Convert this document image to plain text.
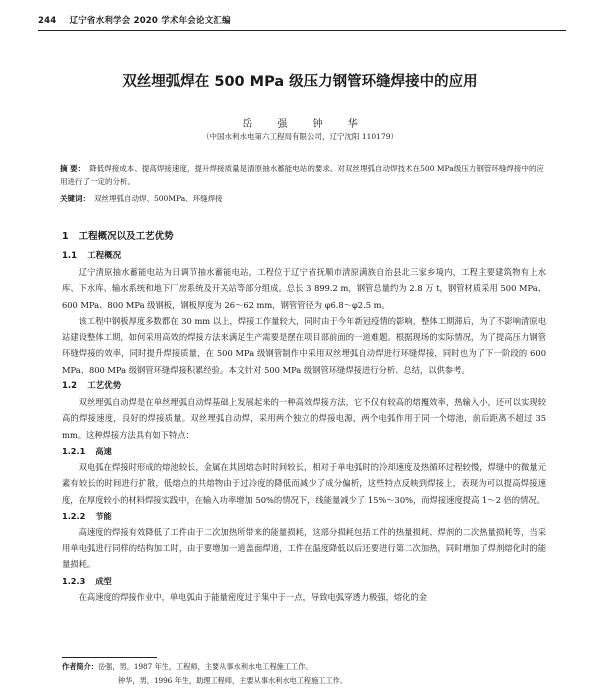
244 辽宁省水利学会 2020 学术年会论文汇编
双丝埋弧焊在 500 MPa 级压力钢管环缝焊接中的应用
岳 强 钟 华
（中国水利水电第六工程局有限公司，辽宁沈阳 110179）
摘 要： 降低焊接成本、提高焊接速度，提升焊接质量是清原抽水蓄能电站的要求。对双丝埋弧自动焊技术在500 MPa级压力钢管环缝焊接中的应用进行了一定的分析。
关键词： 双丝埋弧自动焊、500MPa、环缝焊接
1 工程概况以及工艺优势
1.1 工程概况

辽宁清原抽水蓄能电站为日调节抽水蓄能电站，工程位于辽宁省抚顺市清原满族自治县北三家乡境内，工程主要建筑物有上水库、下水库、输水系统和地下厂房系统及开关站等部分组成。总长 3 899.2 m，钢管总量约为 2.8 万 t，钢管材质采用 500 MPa、600 MPa、800 MPa 级钢板，钢板厚度为 26～62 mm，钢管管径为 φ6.8～φ2.5 m。

该工程中钢板厚度多数都在 30 mm 以上，焊接工作量较大，同时由于今年新冠疫情的影响，整体工期滞后，为了不影响清原电站建设整体工期，如何采用高效的焊接方法来满足生产需要是摆在项目部前面的一道难题。根据现场的实际情况，为了提高压力钢管环缝焊接的效率，同时提升焊接质量，在 500 MPa 级钢管制作中采用双丝埋弧自动焊进行环缝焊接，同时也为了下一阶段的 600 MPa、800 MPa 级钢管环缝焊接积累经验。本文针对 500 MPa 级钢管环缝焊接进行分析、总结，以供参考。

1.2 工艺优势

双丝埋弧自动焊是在单丝埋弧自动焊基础上发展起来的一种高效焊接方法，它不仅有较高的熔覆效率，热输入小，还可以实现较高的焊接速度，良好的焊接质量。双丝埋弧自动焊，采用两个独立的焊接电源，两个电弧作用于同一个熔池，前后距离不超过 35 mm。这种焊接方法具有如下特点：

1.2.1 高速

双电弧在焊接时形成的熔池较长，金属在其固熔态时时间较长，相对于单电弧时的冷却速度及热循环过程较慢，焊缝中的微量元素有较长的时间进行扩散，低熔点的共熔物由于过冷度的降低而减少了成分偏析，这些特点反映到焊接上，表现为可以提高焊接速度，在厚度较小的材料焊接实践中，在输入功率增加 50%的情况下，线能量减少了 15%～30%，而焊接速度提高 1～2 倍的情况。

1.2.2 节能

高速度的焊接有效降低了工件由于二次加热所带来的能量损耗，这部分损耗包括工件的热量损耗、焊剂的二次热量损耗等，当采用单电弧进行同样的结构加工时，由于要增加一道盖面焊道，工件在温度降低以后还要进行第二次加热，同时增加了焊剂熔化时的能量损耗。

1.2.3 成型

在高速度的焊接作业中，单电弧由于能量密度过于集中于一点，导致电弧穿透力极强，熔化的金

作者简介：岳强，男，1987 年生，工程师，主要从事水利水电工程施工工作。
钟华，男，1996 年生，助理工程师，主要从事水利水电工程施工工作。
